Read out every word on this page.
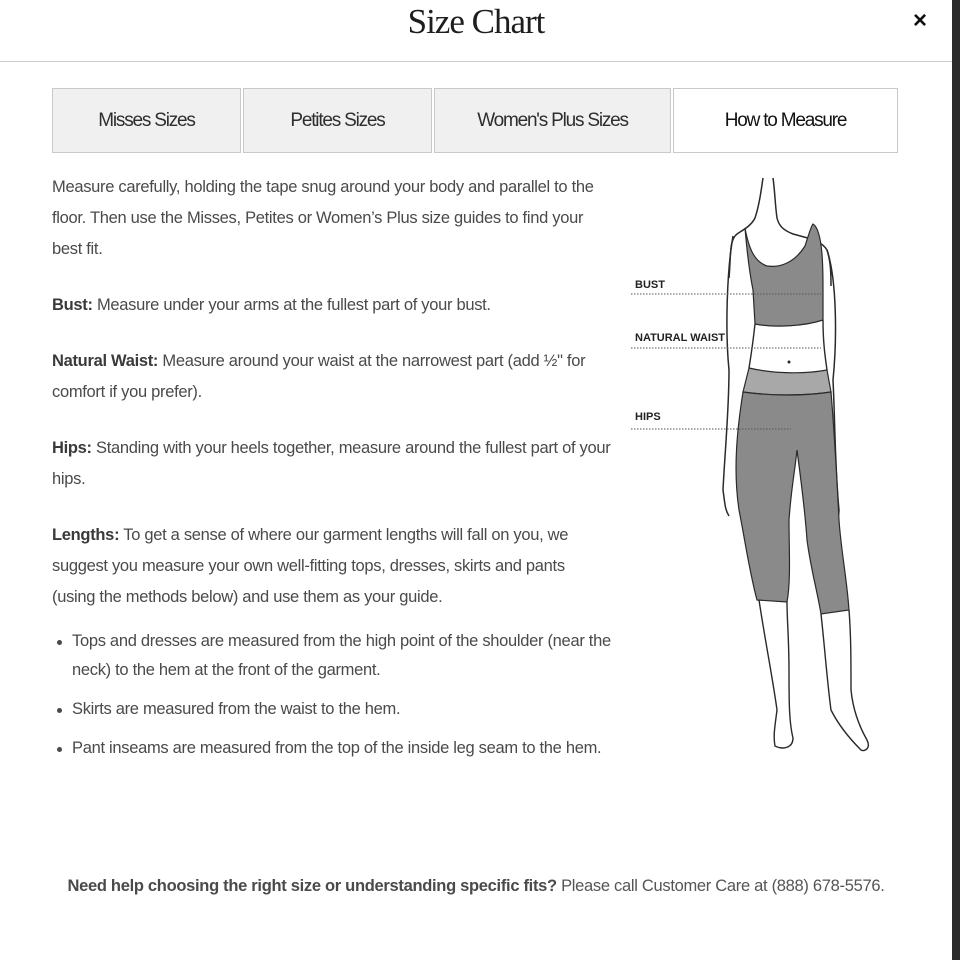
Size Chart	×
Misses Sizes	Petites Sizes	Women's Plus Sizes	How to Measure

Measure carefully, holding the tape snug around your body and parallel to the floor. Then use the Misses, Petites or Women’s Plus size guides to find your best fit.

Bust: Measure under your arms at the fullest part of your bust.

Natural Waist: Measure around your waist at the narrowest part (add ½" for comfort if you prefer).

Hips: Standing with your heels together, measure around the fullest part of your hips.

Lengths: To get a sense of where our garment lengths will fall on you, we suggest you measure your own well-fitting tops, dresses, skirts and pants (using the methods below) and use them as your guide.

Tops and dresses are measured from the high point of the shoulder (near the neck) to the hem at the front of the garment.
Skirts are measured from the waist to the hem.
Pant inseams are measured from the top of the inside leg seam to the hem.
BUST
NATURAL WAIST
HIPS
Need help choosing the right size or understanding specific fits? Please call Customer Care at (888) 678-5576.
